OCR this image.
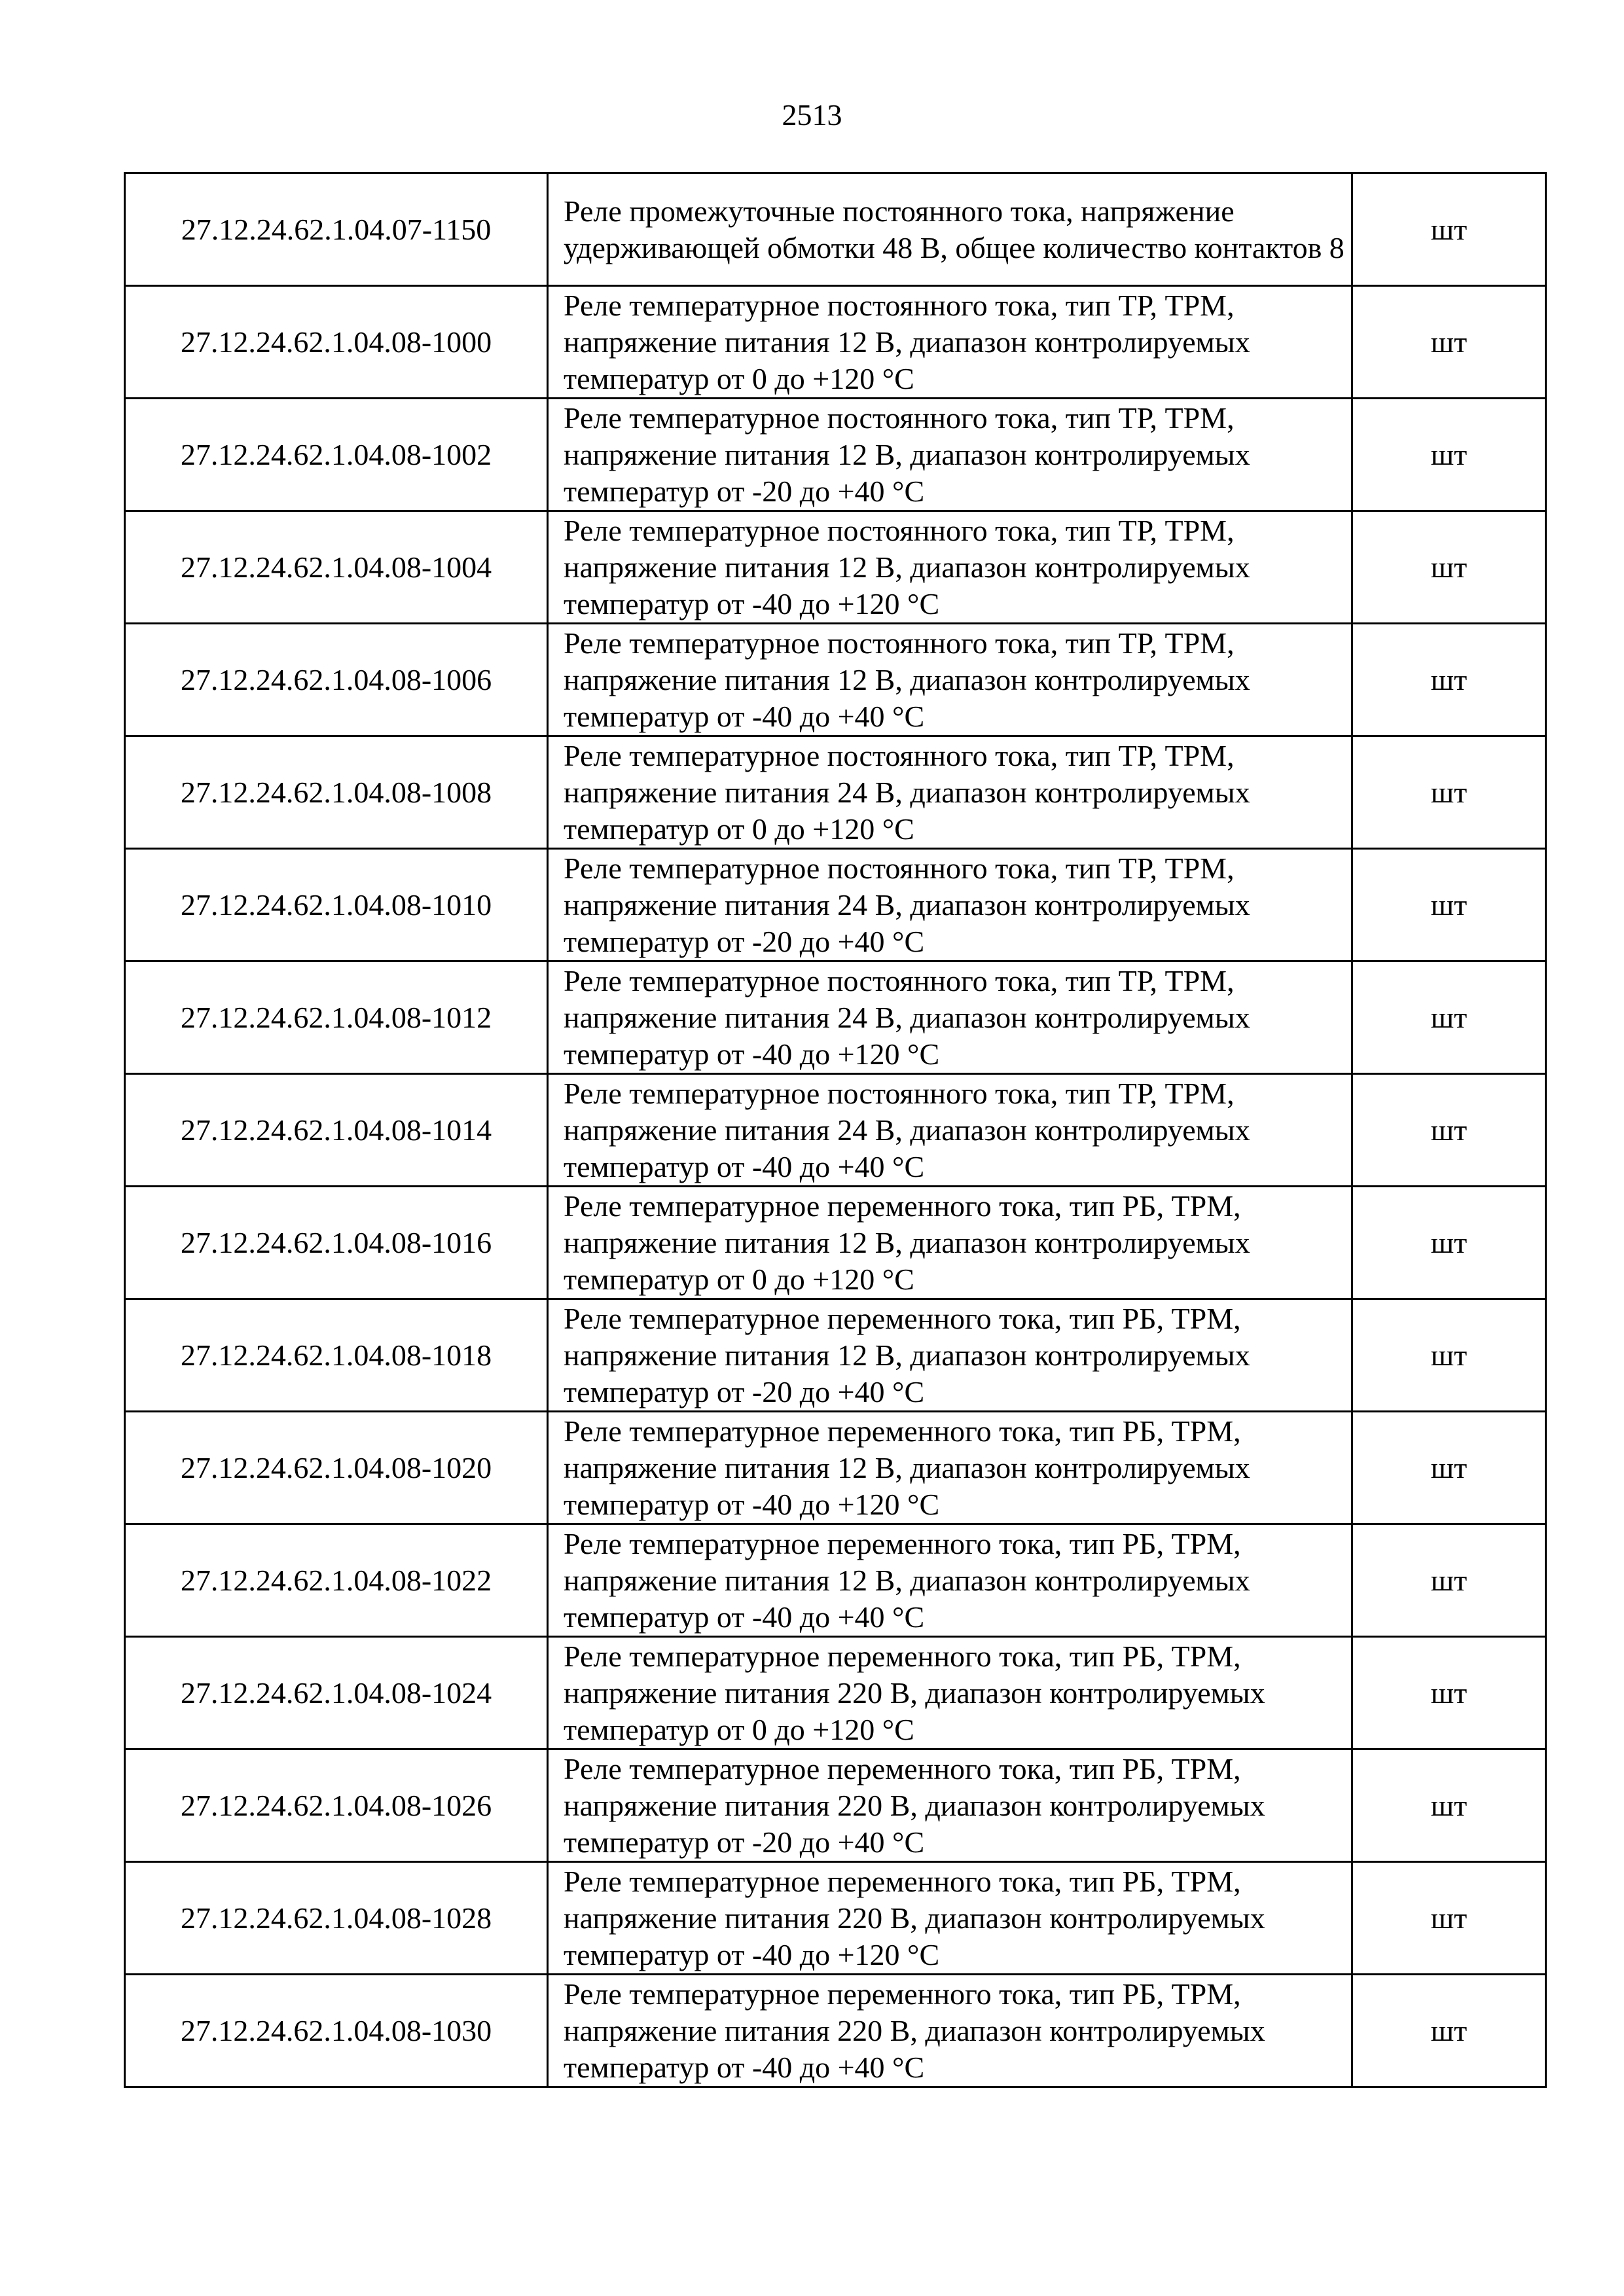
2513
27.12.24.62.1.04.07-1150	Реле промежуточные постоянного тока, напряжение удерживающей обмотки 48 В, общее количество контактов 8	шт
27.12.24.62.1.04.08-1000	Реле температурное постоянного тока, тип ТР, ТРМ, напряжение питания 12 В, диапазон контролируемых температур от 0 до +120 °С	шт
27.12.24.62.1.04.08-1002	Реле температурное постоянного тока, тип ТР, ТРМ, напряжение питания 12 В, диапазон контролируемых температур от -20 до +40 °С	шт
27.12.24.62.1.04.08-1004	Реле температурное постоянного тока, тип ТР, ТРМ, напряжение питания 12 В, диапазон контролируемых температур от -40 до +120 °С	шт
27.12.24.62.1.04.08-1006	Реле температурное постоянного тока, тип ТР, ТРМ, напряжение питания 12 В, диапазон контролируемых температур от -40 до +40 °С	шт
27.12.24.62.1.04.08-1008	Реле температурное постоянного тока, тип ТР, ТРМ, напряжение питания 24 В, диапазон контролируемых температур от 0 до +120 °С	шт
27.12.24.62.1.04.08-1010	Реле температурное постоянного тока, тип ТР, ТРМ, напряжение питания 24 В, диапазон контролируемых температур от -20 до +40 °С	шт
27.12.24.62.1.04.08-1012	Реле температурное постоянного тока, тип ТР, ТРМ, напряжение питания 24 В, диапазон контролируемых температур от -40 до +120 °С	шт
27.12.24.62.1.04.08-1014	Реле температурное постоянного тока, тип ТР, ТРМ, напряжение питания 24 В, диапазон контролируемых температур от -40 до +40 °С	шт
27.12.24.62.1.04.08-1016	Реле температурное переменного тока, тип РБ, ТРМ, напряжение питания 12 В, диапазон контролируемых температур от 0 до +120 °С	шт
27.12.24.62.1.04.08-1018	Реле температурное переменного тока, тип РБ, ТРМ, напряжение питания 12 В, диапазон контролируемых температур от -20 до +40 °С	шт
27.12.24.62.1.04.08-1020	Реле температурное переменного тока, тип РБ, ТРМ, напряжение питания 12 В, диапазон контролируемых температур от -40 до +120 °С	шт
27.12.24.62.1.04.08-1022	Реле температурное переменного тока, тип РБ, ТРМ, напряжение питания 12 В, диапазон контролируемых температур от -40 до +40 °С	шт
27.12.24.62.1.04.08-1024	Реле температурное переменного тока, тип РБ, ТРМ, напряжение питания 220 В, диапазон контролируемых температур от 0 до +120 °С	шт
27.12.24.62.1.04.08-1026	Реле температурное переменного тока, тип РБ, ТРМ, напряжение питания 220 В, диапазон контролируемых температур от -20 до +40 °С	шт
27.12.24.62.1.04.08-1028	Реле температурное переменного тока, тип РБ, ТРМ, напряжение питания 220 В, диапазон контролируемых температур от -40 до +120 °С	шт
27.12.24.62.1.04.08-1030	Реле температурное переменного тока, тип РБ, ТРМ, напряжение питания 220 В, диапазон контролируемых температур от -40 до +40 °С	шт
